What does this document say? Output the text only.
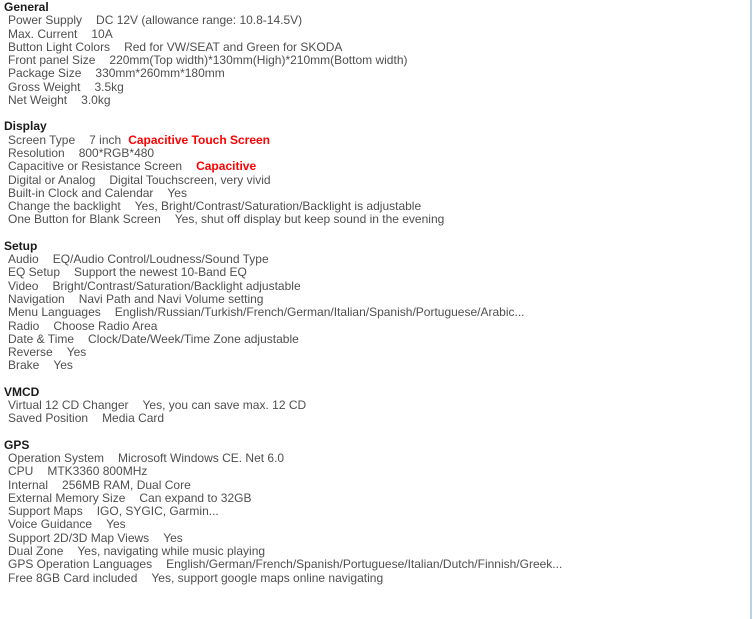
General
Power Supply DC 12V (allowance range: 10.8-14.5V)
Max. Current 10A
Button Light Colors Red for VW/SEAT and Green for SKODA
Front panel Size 220mm(Top width)*130mm(High)*210mm(Bottom width)
Package Size 330mm*260mm*180mm
Gross Weight 3.5kg
Net Weight 3.0kg
Display
Screen Type 7 inch Capacitive Touch Screen
Resolution 800*RGB*480
Capacitive or Resistance Screen Capacitive
Digital or Analog Digital Touchscreen, very vivid
Built-in Clock and Calendar Yes
Change the backlight Yes, Bright/Contrast/Saturation/Backlight is adjustable
One Button for Blank Screen Yes, shut off display but keep sound in the evening
Setup
Audio EQ/Audio Control/Loudness/Sound Type
EQ Setup Support the newest 10-Band EQ
Video Bright/Contrast/Saturation/Backlight adjustable
Navigation Navi Path and Navi Volume setting
Menu Languages English/Russian/Turkish/French/German/Italian/Spanish/Portuguese/Arabic...
Radio Choose Radio Area
Date & Time Clock/Date/Week/Time Zone adjustable
Reverse Yes
Brake Yes
VMCD
Virtual 12 CD Changer Yes, you can save max. 12 CD
Saved Position Media Card
GPS
Operation System Microsoft Windows CE. Net 6.0
CPU MTK3360 800MHz
Internal 256MB RAM, Dual Core
External Memory Size Can expand to 32GB
Support Maps IGO, SYGIC, Garmin...
Voice Guidance Yes
Support 2D/3D Map Views Yes
Dual Zone Yes, navigating while music playing
GPS Operation Languages English/German/French/Spanish/Portuguese/Italian/Dutch/Finnish/Greek...
Free 8GB Card included Yes, support google maps online navigating
